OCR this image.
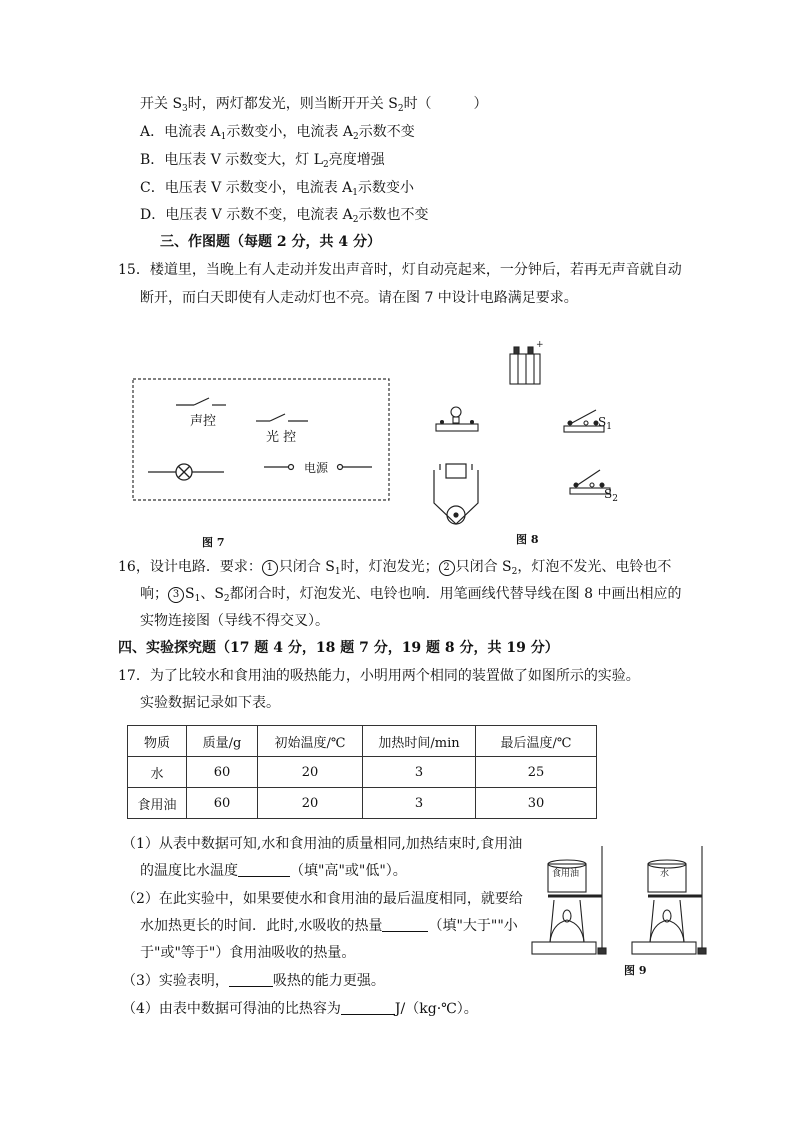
开关 $S_3$时，两灯都发光，则当断开开关 $S_2$时（　　　）
A．电流表 $A_1$示数变小，电流表 $A_2$示数不变
B．电压表 V 示数变大，灯 $L_2$亮度增强
C．电压表 V 示数变小，电流表 $A_1$示数变小
D．电压表 V 示数不变，电流表 $A_2$示数也不变
三、作图题（每题 2 分，共 4 分）
15．楼道里，当晚上有人走动并发出声音时，灯自动亮起来，一分钟后，若再无声音就自动
断开，而白天即使有人走动灯也不亮。请在图 7 中设计电路满足要求。
声控
光 控
电源
图 7
+
$S_1$
$S_2$
图 8
16，设计电路．要求： 1 只闭合 $S_1$时，灯泡发光； 2 只闭合 $S_2$，灯泡不发光、电铃也不
响； 3 $S_1$、$S_2$都闭合时，灯泡发光、电铃也响．用笔画线代替导线在图 8 中画出相应的
实物连接图（导线不得交叉）。
四、实验探究题（17 题 4 分，18 题 7 分，19 题 8 分，共 19 分）
17．为了比较水和食用油的吸热能力，小明用两个相同的装置做了如图所示的实验。
实验数据记录如下表。
物质	质量/g	初始温度/℃	加热时间/min	最后温度/℃
水	60	20	3	25
食用油	60	20	3	30
（1）从表中数据可知,水和食用油的质量相同,加热结束时,食用油
的温度比水温度	（填"高"或"低"）。
（2）在此实验中，如果要使水和食用油的最后温度相同，就要给
水加热更长的时间．此时,水吸收的热量	（填"大于""小
于"或"等于"）食用油吸收的热量。
（3）实验表明，	吸热的能力更强。
（4）由表中数据可得油的比热容为	J/（kg·℃）。
食用油	水
图 9
